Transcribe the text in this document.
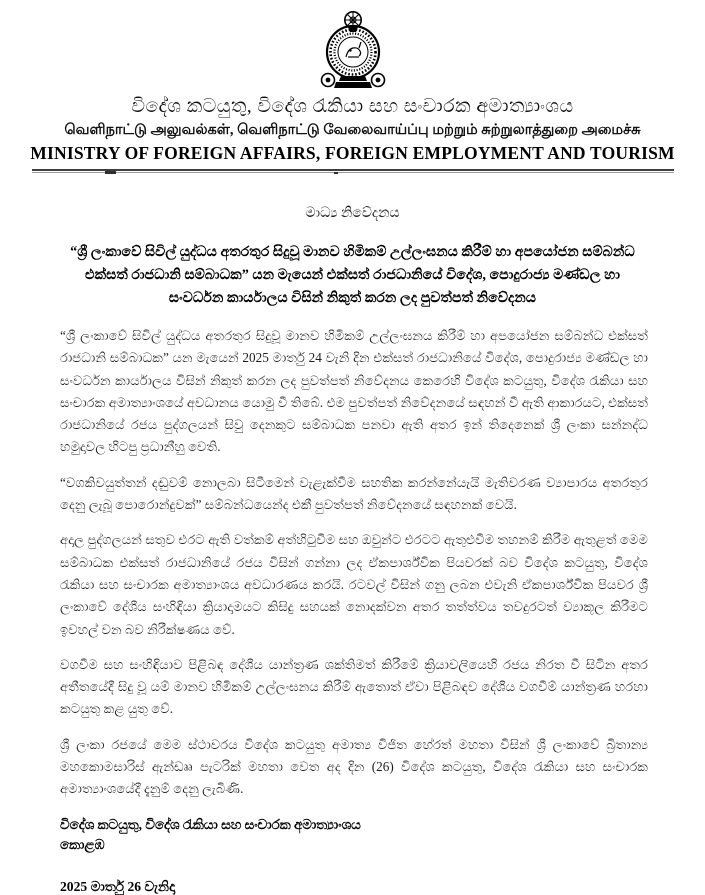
විදේශ කටයුතු, විදේශ රැකියා සහ සංචාරක අමාත්‍යාංශය
வெளிநாட்டு அலுவல்கள், வெளிநாட்டு வேலைவாய்ப்பு மற்றும் சுற்றுலாத்துறை அமைச்சு
MINISTRY OF FOREIGN AFFAIRS, FOREIGN EMPLOYMENT AND TOURISM
මාධ්‍ය නිවේදනය
“ශ්‍රී ලංකාවේ සිවිල් යුද්ධය අතරතුර සිදුවූ මානව හිමිකම් උල්ලංඝනය කිරීම් හා අපයෝජන සම්බන්ධ එක්සත් රාජධානි සම්බාධක” යන මැයෙන් එක්සත් රාජධානියේ විදේශ, පොදුරාජ්‍ය මණ්ඩල හා සංවර්ධන කාර්යාලය විසින් නිකුත් කරන ලද පුවත්පත් නිවේදනය

“ශ්‍රී ලංකාවේ සිවිල් යුද්ධය අතරතුර සිදුවූ මානව හිමිකම් උල්ලංඝනය කිරීම් හා අපයෝජන සම්බන්ධ එක්සත් රාජධානි සම්බාධක” යන මැයෙන් 2025 මාර්තු 24 වැනි දින එක්සත් රාජධානියේ විදේශ, පොදුරාජ්‍ය මණ්ඩල හා සංවර්ධන කාර්යාලය විසින් නිකුත් කරන ලද පුවත්පත් නිවේදනය කෙරෙහි විදේශ කටයුතු, විදේශ රැකියා සහ සංචාරක අමාත්‍යාංශයේ අවධානය යොමු වී තිබේ. එම පුවත්පත් නිවේදනයේ සඳහන් වී ඇති ආකාරයට, එක්සත් රාජධානියේ රජය පුද්ගලයන් සිවු දෙනකුට සම්බාධක පනවා ඇති අතර ඉන් තිදෙනෙක් ශ්‍රී ලංකා සන්නද්ධ හමුදාවල හිටපු ප්‍රධානීහු වෙති.

“වගකිවයුත්තන් දඬුවම් නොලබා සිටීමෙන් වැළැක්වීම සහතික කරන්නේයැයි මැතිවරණ ව්‍යාපාරය අතරතුර දෙනු ලැබූ පොරොන්දුවක්” සම්බන්ධයෙන්ද එකී පුවත්පත් නිවේදනයේ සඳහනක් වෙයි.

අදාල පුද්ගලයන් සතුව එරට ඇති වත්කම් අත්හිටුවීම සහ ඔවුන්ට එරටට ඇතුළුවීම තහනම් කිරීම ඇතුළත් මෙම සම්බාධක එක්සත් රාජධානියේ රජය විසින් ගන්නා ලද ඒකපාර්ශ්වික පියවරක් බව විදේශ කටයුතු, විදේශ රැකියා සහ සංචාරක අමාත්‍යාංශය අවධාරණය කරයි. රටවල් විසින් ගනු ලබන එවැනි ඒකපාර්ශ්වික පියවර ශ්‍රී ලංකාවේ දේශීය සංහිඳියා ක්‍රියාදාමයට කිසිදු සහයක් නොදක්වන අතර තත්ත්වය තවදුරටත් ව්‍යාකූල කිරීමට ඉවහල් වන බව නිරීක්ෂණය වේ.

වගවීම සහ සංහිඳියාව පිළිබඳ දේශීය යාන්ත්‍රණ ශක්තිමත් කිරීමේ ක්‍රියාවලියෙහි රජය නිරත වී සිටින අතර අතීතයේදී සිදු වූ යම් මානව හිමිකම් උල්ලංඝනය කිරීම් ඇතොත් ඒවා පිළිබඳව දේශීය වගවීම් යාන්ත්‍රණ හරහා කටයුතු කළ යුතු වේ.

ශ්‍රී ලංකා රජයේ මෙම ස්ථාවරය විදේශ කටයුතු අමාත්‍ය විජිත හේරත් මහතා විසින් ශ්‍රී ලංකාවේ බ්‍රිතාන්‍ය මහකොමසාරිස් ඇන්ඩෲ පැටරික් මහතා වෙත අද දින (26) විදේශ කටයුතු, විදේශ රැකියා සහ සංචාරක අමාත්‍යාංශයේදී දැනුම් දෙනු ලැබිණි.

විදේශ කටයුතු, විදේශ රැකියා සහ සංචාරක අමාත්‍යාංශය
කොළඹ
2025 මාර්තු 26 වැනිදා
